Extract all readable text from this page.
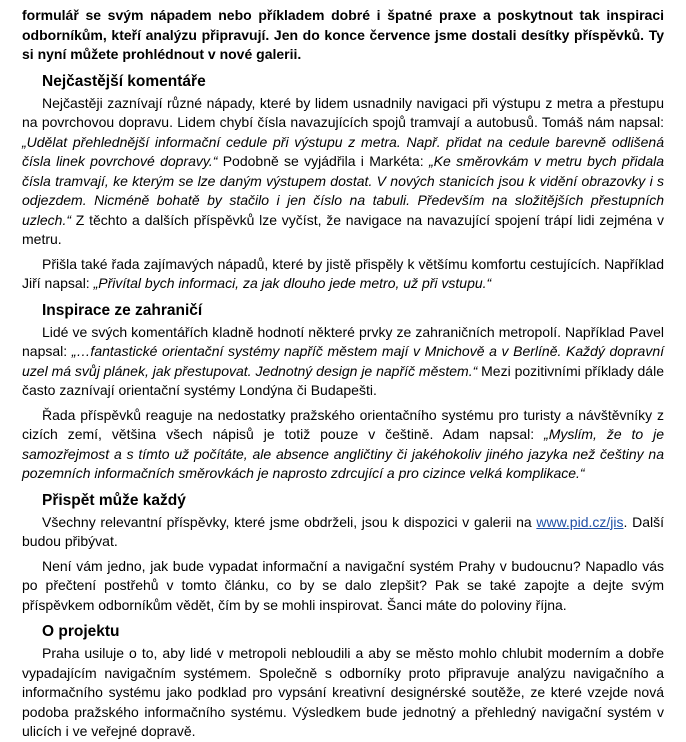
formulář se svým nápadem nebo příkladem dobré i špatné praxe a poskytnout tak inspiraci odborníkům, kteří analýzu připravují. Jen do konce července jsme dostali desítky příspěvků. Ty si nyní můžete prohlédnout v nové galerii.

Nejčastější komentáře

Nejčastěji zaznívají různé nápady, které by lidem usnadnily navigaci při výstupu z metra a přestupu na povrchovou dopravu. Lidem chybí čísla navazujících spojů tramvají a autobusů. Tomáš nám napsal: „Udělat přehlednější informační cedule při výstupu z metra. Např. přidat na cedule barevně odlišená čísla linek povrchové dopravy.“ Podobně se vyjádřila i Markéta: „Ke směrovkám v metru bych přidala čísla tramvají, ke kterým se lze daným výstupem dostat. V nových stanicích jsou k vidění obrazovky i s odjezdem. Nicméně bohatě by stačilo i jen číslo na tabuli. Především na složitějších přestupních uzlech.“ Z těchto a dalších příspěvků lze vyčíst, že navigace na navazující spojení trápí lidi zejména v metru.

Přišla také řada zajímavých nápadů, které by jistě přispěly k většímu komfortu cestujících. Například Jiří napsal: „Přivítal bych informaci, za jak dlouho jede metro, už při vstupu.“

Inspirace ze zahraničí

Lidé ve svých komentářích kladně hodnotí některé prvky ze zahraničních metropolí. Například Pavel napsal: „…fantastické orientační systémy napříč městem mají v Mnichově a v Berlíně. Každý dopravní uzel má svůj plánek, jak přestupovat. Jednotný design je napříč městem.“ Mezi pozitivními příklady dále často zaznívají orientační systémy Londýna či Budapešti.

Řada příspěvků reaguje na nedostatky pražského orientačního systému pro turisty a návštěvníky z cizích zemí, většina všech nápisů je totiž pouze v češtině. Adam napsal: „Myslím, že to je samozřejmost a s tímto už počítáte, ale absence angličtiny či jakéhokoliv jiného jazyka než češtiny na pozemních informačních směrovkách je naprosto zdrcující a pro cizince velká komplikace.“

Přispět může každý

Všechny relevantní příspěvky, které jsme obdrželi, jsou k dispozici v galerii na www.pid.cz/jis. Další budou přibývat.

Není vám jedno, jak bude vypadat informační a navigační systém Prahy v budoucnu? Napadlo vás po přečtení postřehů v tomto článku, co by se dalo zlepšit? Pak se také zapojte a dejte svým příspěvkem odborníkům vědět, čím by se mohli inspirovat. Šanci máte do poloviny října.

O projektu

Praha usiluje o to, aby lidé v metropoli nebloudili a aby se město mohlo chlubit moderním a dobře vypadajícím navigačním systémem. Společně s odborníky proto připravuje analýzu navigačního a informačního systému jako podklad pro vypsání kreativní designérské soutěže, ze které vzejde nová podoba pražského informačního systému. Výsledkem bude jednotný a přehledný navigační systém v ulicích i ve veřejné dopravě.
